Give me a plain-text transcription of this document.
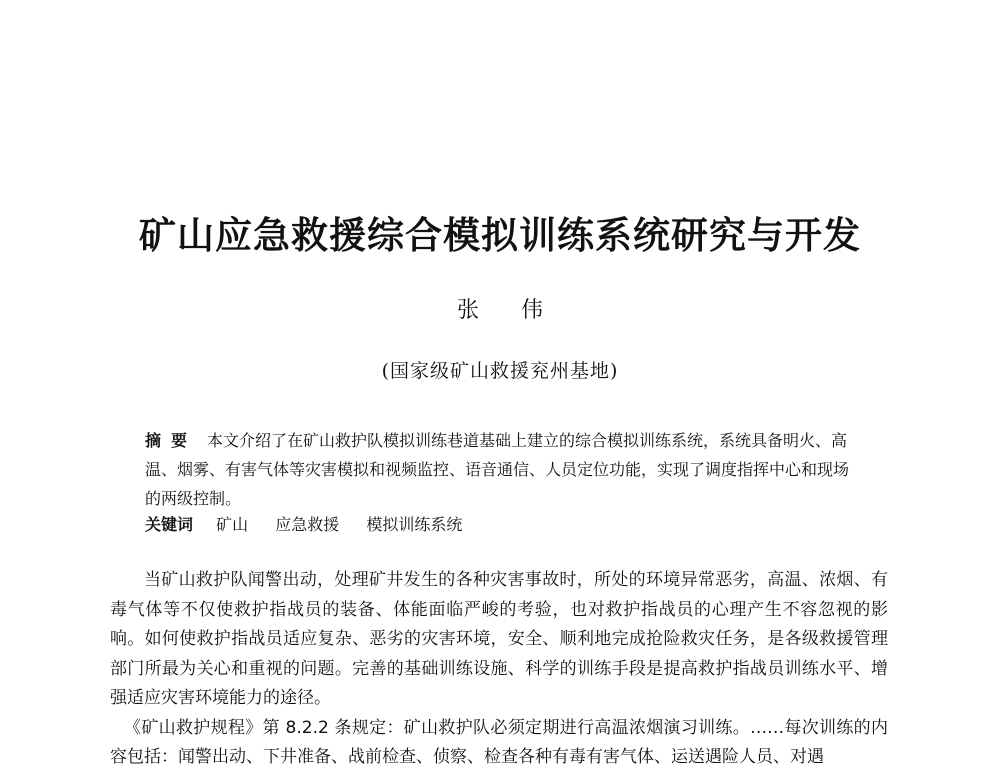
矿山应急救援综合模拟训练系统研究与开发
张伟
(国家级矿山救援兖州基地)
摘要 本文介绍了在矿山救护队模拟训练巷道基础上建立的综合模拟训练系统，系统具备明火、高温、烟雾、有害气体等灾害模拟和视频监控、语音通信、人员定位功能，实现了调度指挥中心和现场的两级控制。
关键词 矿山 应急救援 模拟训练系统

当矿山救护队闻警出动，处理矿井发生的各种灾害事故时，所处的环境异常恶劣，高温、浓烟、有毒气体等不仅使救护指战员的装备、体能面临严峻的考验，也对救护指战员的心理产生不容忽视的影响。如何使救护指战员适应复杂、恶劣的灾害环境，安全、顺利地完成抢险救灾任务，是各级救援管理部门所最为关心和重视的问题。完善的基础训练设施、科学的训练手段是提高救护指战员训练水平、增强适应灾害环境能力的途径。

《矿山救护规程》第 8.2.2 条规定：矿山救护队必须定期进行高温浓烟演习训练。……每次训练的内容包括：闻警出动、下井准备、战前检查、侦察、检查各种有毒有害气体、运送遇险人员、对遇
